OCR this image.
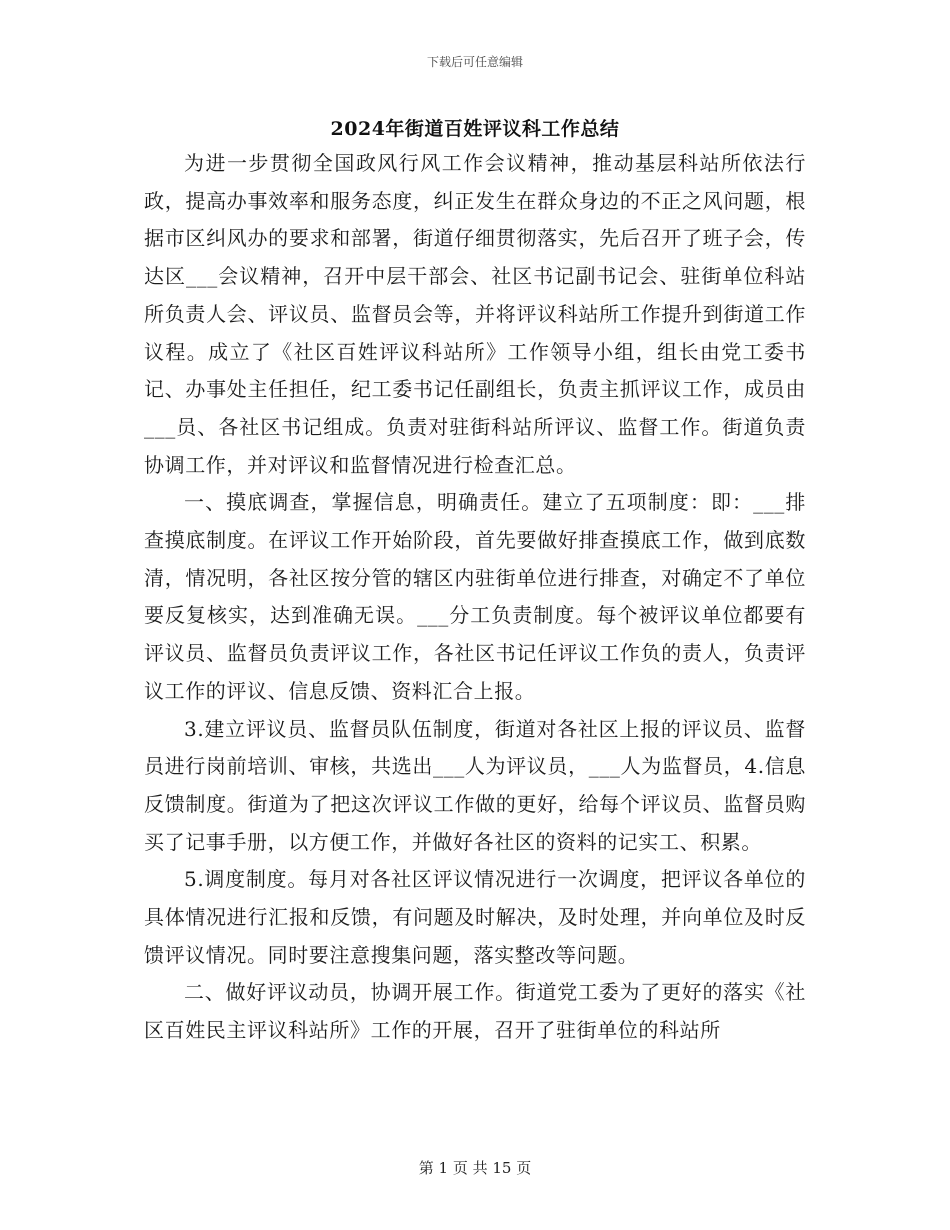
下载后可任意编辑
2024年街道百姓评议科工作总结

为进一步贯彻全国政风行风工作会议精神，推动基层科站所依法行政，提高办事效率和服务态度，纠正发生在群众身边的不正之风问题，根据市区纠风办的要求和部署，街道仔细贯彻落实，先后召开了班子会，传达区___会议精神，召开中层干部会、社区书记副书记会、驻街单位科站所负责人会、评议员、监督员会等，并将评议科站所工作提升到街道工作议程。成立了《社区百姓评议科站所》工作领导小组，组长由党工委书记、办事处主任担任，纪工委书记任副组长，负责主抓评议工作，成员由___员、各社区书记组成。负责对驻街科站所评议、监督工作。街道负责协调工作，并对评议和监督情况进行检查汇总。

一、摸底调查，掌握信息，明确责任。建立了五项制度：即：___排查摸底制度。在评议工作开始阶段，首先要做好排查摸底工作，做到底数清，情况明，各社区按分管的辖区内驻街单位进行排查，对确定不了单位要反复核实，达到准确无误。___分工负责制度。每个被评议单位都要有评议员、监督员负责评议工作，各社区书记任评议工作负的责人，负责评议工作的评议、信息反馈、资料汇合上报。

3.建立评议员、监督员队伍制度，街道对各社区上报的评议员、监督员进行岗前培训、审核，共选出___人为评议员，___人为监督员，4.信息反馈制度。街道为了把这次评议工作做的更好，给每个评议员、监督员购买了记事手册，以方便工作，并做好各社区的资料的记实工、积累。

5.调度制度。每月对各社区评议情况进行一次调度，把评议各单位的具体情况进行汇报和反馈，有问题及时解决，及时处理，并向单位及时反馈评议情况。同时要注意搜集问题，落实整改等问题。

二、做好评议动员，协调开展工作。街道党工委为了更好的落实《社区百姓民主评议科站所》工作的开展，召开了驻街单位的科站所

第 1 页 共 15 页
